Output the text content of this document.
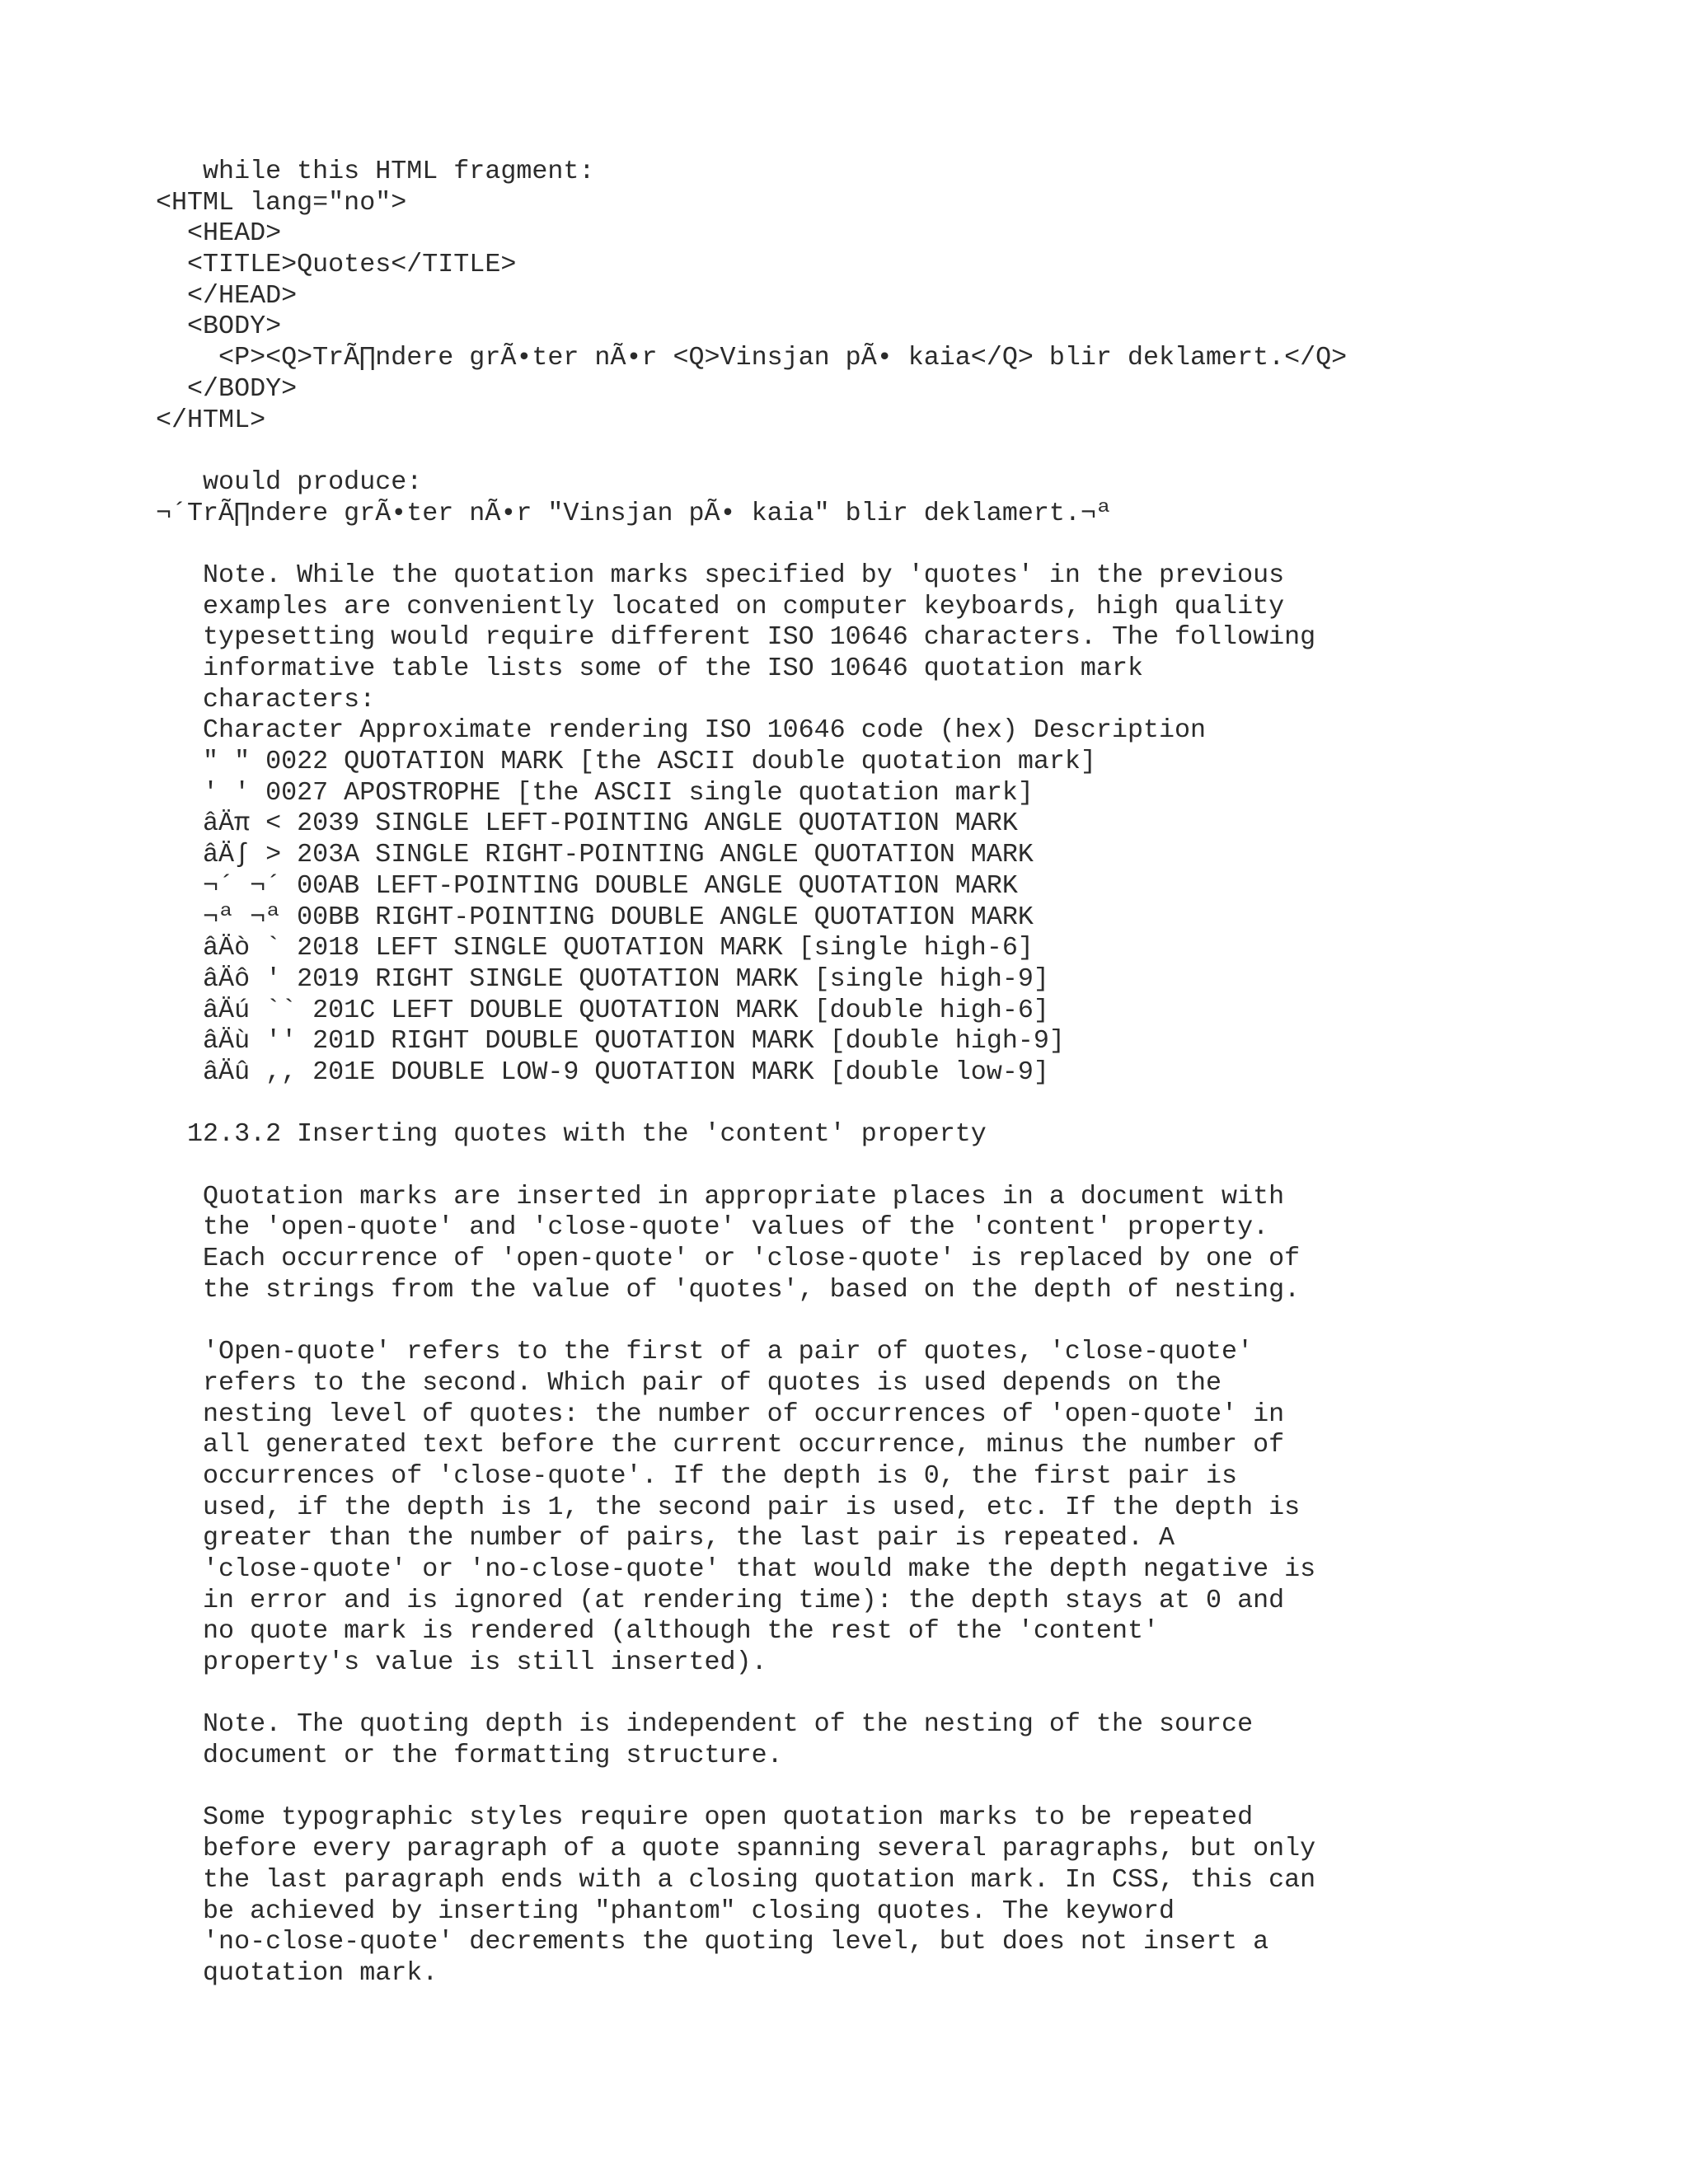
while this HTML fragment:
<HTML lang="no">
<HEAD>
<TITLE>Quotes</TITLE>
</HEAD>
<BODY>
<P><Q>TrÃ∏ndere grÃ•ter nÃ•r <Q>Vinsjan pÃ• kaia</Q> blir deklamert.</Q>
</BODY>
</HTML>
would produce:
¬´TrÃ∏ndere grÃ•ter nÃ•r "Vinsjan pÃ• kaia" blir deklamert.¬ª
Note. While the quotation marks specified by 'quotes' in the previous
examples are conveniently located on computer keyboards, high quality
typesetting would require different ISO 10646 characters. The following
informative table lists some of the ISO 10646 quotation mark
characters:
Character Approximate rendering ISO 10646 code (hex) Description
" " 0022 QUOTATION MARK [the ASCII double quotation mark]
' ' 0027 APOSTROPHE [the ASCII single quotation mark]
âÄπ < 2039 SINGLE LEFT-POINTING ANGLE QUOTATION MARK
âÄ∫ > 203A SINGLE RIGHT-POINTING ANGLE QUOTATION MARK
¬´ ¬´ 00AB LEFT-POINTING DOUBLE ANGLE QUOTATION MARK
¬ª ¬ª 00BB RIGHT-POINTING DOUBLE ANGLE QUOTATION MARK
âÄò ` 2018 LEFT SINGLE QUOTATION MARK [single high-6]
âÄô ' 2019 RIGHT SINGLE QUOTATION MARK [single high-9]
âÄú `` 201C LEFT DOUBLE QUOTATION MARK [double high-6]
âÄù '' 201D RIGHT DOUBLE QUOTATION MARK [double high-9]
âÄû ,, 201E DOUBLE LOW-9 QUOTATION MARK [double low-9]
12.3.2 Inserting quotes with the 'content' property
Quotation marks are inserted in appropriate places in a document with
the 'open-quote' and 'close-quote' values of the 'content' property.
Each occurrence of 'open-quote' or 'close-quote' is replaced by one of
the strings from the value of 'quotes', based on the depth of nesting.
'Open-quote' refers to the first of a pair of quotes, 'close-quote'
refers to the second. Which pair of quotes is used depends on the
nesting level of quotes: the number of occurrences of 'open-quote' in
all generated text before the current occurrence, minus the number of
occurrences of 'close-quote'. If the depth is 0, the first pair is
used, if the depth is 1, the second pair is used, etc. If the depth is
greater than the number of pairs, the last pair is repeated. A
'close-quote' or 'no-close-quote' that would make the depth negative is
in error and is ignored (at rendering time): the depth stays at 0 and
no quote mark is rendered (although the rest of the 'content'
property's value is still inserted).
Note. The quoting depth is independent of the nesting of the source
document or the formatting structure.
Some typographic styles require open quotation marks to be repeated
before every paragraph of a quote spanning several paragraphs, but only
the last paragraph ends with a closing quotation mark. In CSS, this can
be achieved by inserting "phantom" closing quotes. The keyword
'no-close-quote' decrements the quoting level, but does not insert a
quotation mark.
